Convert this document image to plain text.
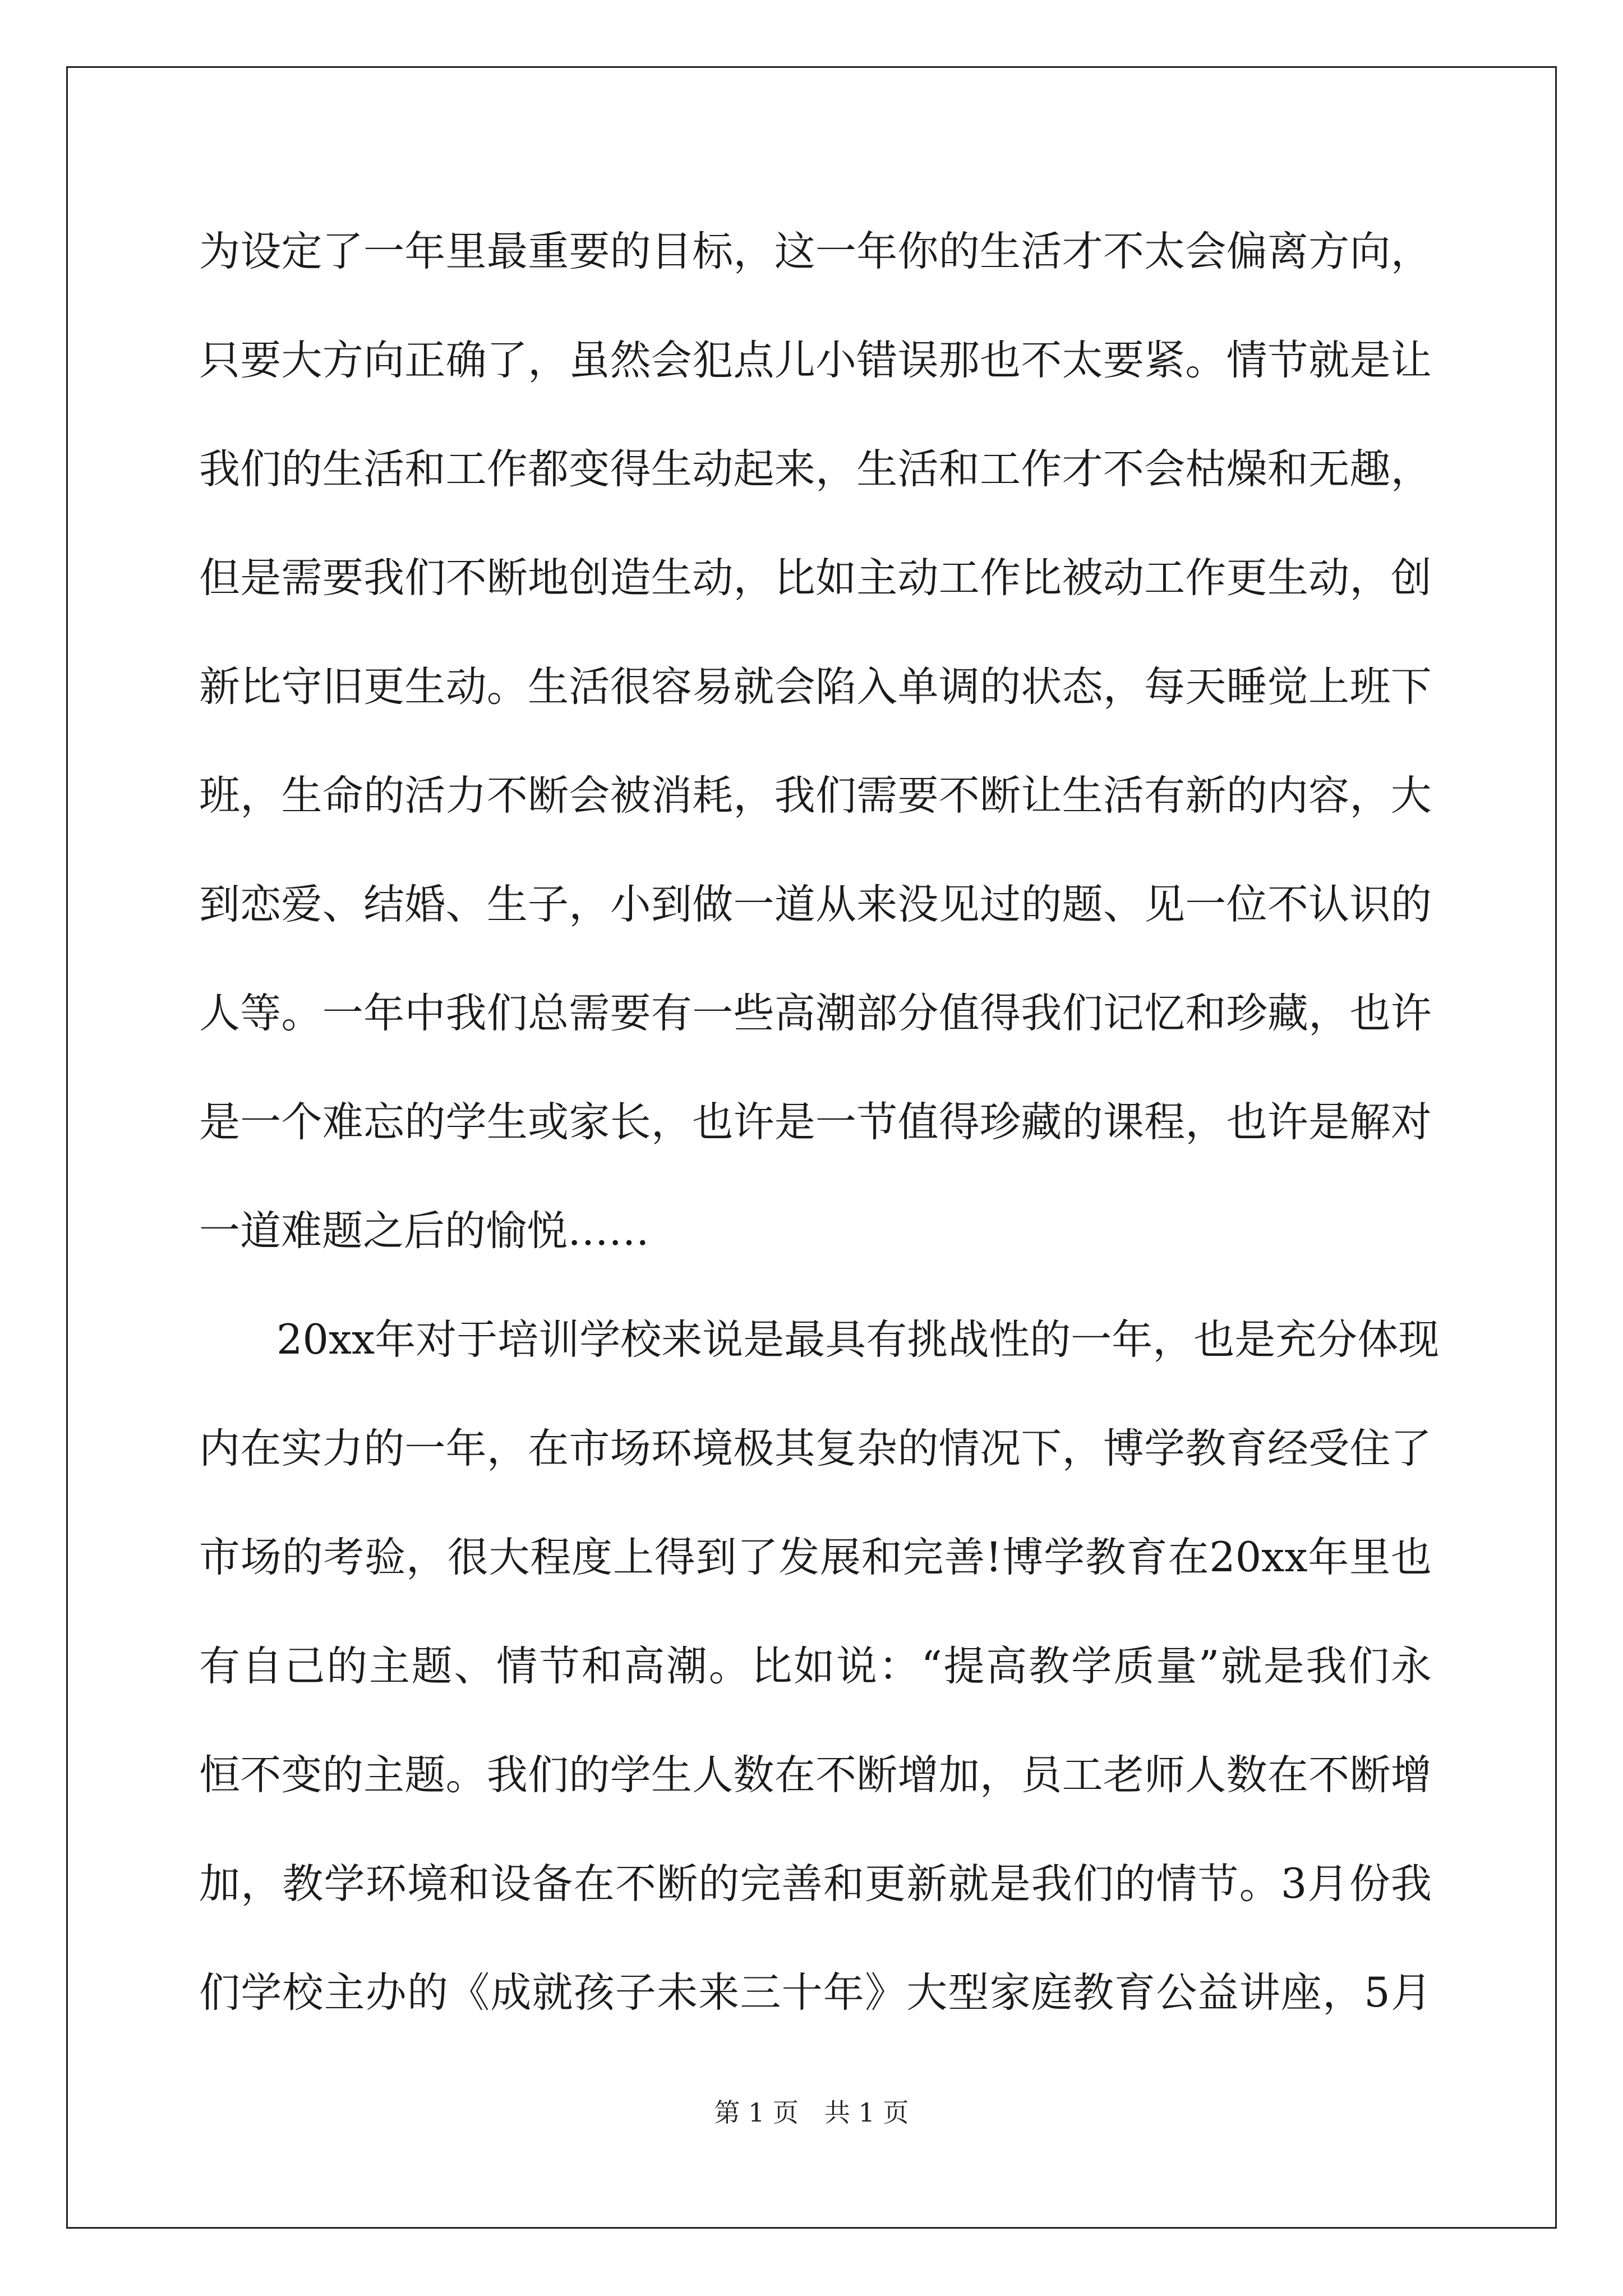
为 设 定 了 一 年 里 最 重 要 的 目 标 ， 这 一 年 你 的 生 活 才 不 太 会 偏 离 方 向 ，
只 要 大 方 向 正 确 了 ， 虽 然 会 犯 点 儿 小 错 误 那 也 不 太 要 紧 。 情 节 就 是 让
我 们 的 生 活 和 工 作 都 变 得 生 动 起 来 ， 生 活 和 工 作 才 不 会 枯 燥 和 无 趣 ，
但 是 需 要 我 们 不 断 地 创 造 生 动 ， 比 如 主 动 工 作 比 被 动 工 作 更 生 动 ， 创
新 比 守 旧 更 生 动 。 生 活 很 容 易 就 会 陷 入 单 调 的 状 态 ， 每 天 睡 觉 上 班 下
班 ， 生 命 的 活 力 不 断 会 被 消 耗 ， 我 们 需 要 不 断 让 生 活 有 新 的 内 容 ， 大
到 恋 爱 、 结 婚 、 生 子 ， 小 到 做 一 道 从 来 没 见 过 的 题 、 见 一 位 不 认 识 的
人 等 。 一 年 中 我 们 总 需 要 有 一 些 高 潮 部 分 值 得 我 们 记 忆 和 珍 藏 ， 也 许
是 一 个 难 忘 的 学 生 或 家 长 ， 也 许 是 一 节 值 得 珍 藏 的 课 程 ， 也 许 是 解 对
一 道 难 题 之 后 的 愉 悦 … …
20xx 年 对 于 培 训 学 校 来 说 是 最 具 有 挑 战 性 的 一 年 ， 也 是 充 分 体 现
内 在 实 力 的 一 年 ， 在 市 场 环 境 极 其 复 杂 的 情 况 下 ， 博 学 教 育 经 受 住 了
市 场 的 考 验 ， 很 大 程 度 上 得 到 了 发 展 和 完 善 ! 博 学 教 育 在 20xx 年 里 也
有 自 己 的 主 题 、 情 节 和 高 潮 。 比 如 说 ： “ 提 高 教 学 质 量 ” 就 是 我 们 永
恒 不 变 的 主 题 。 我 们 的 学 生 人 数 在 不 断 增 加 ， 员 工 老 师 人 数 在 不 断 增
加 ， 教 学 环 境 和 设 备 在 不 断 的 完 善 和 更 新 就 是 我 们 的 情 节 。 3 月 份 我
们 学 校 主 办 的 《 成 就 孩 子 未 来 三 十 年 》 大 型 家 庭 教 育 公 益 讲 座 ， 5 月
第 1 页　共 1 页
